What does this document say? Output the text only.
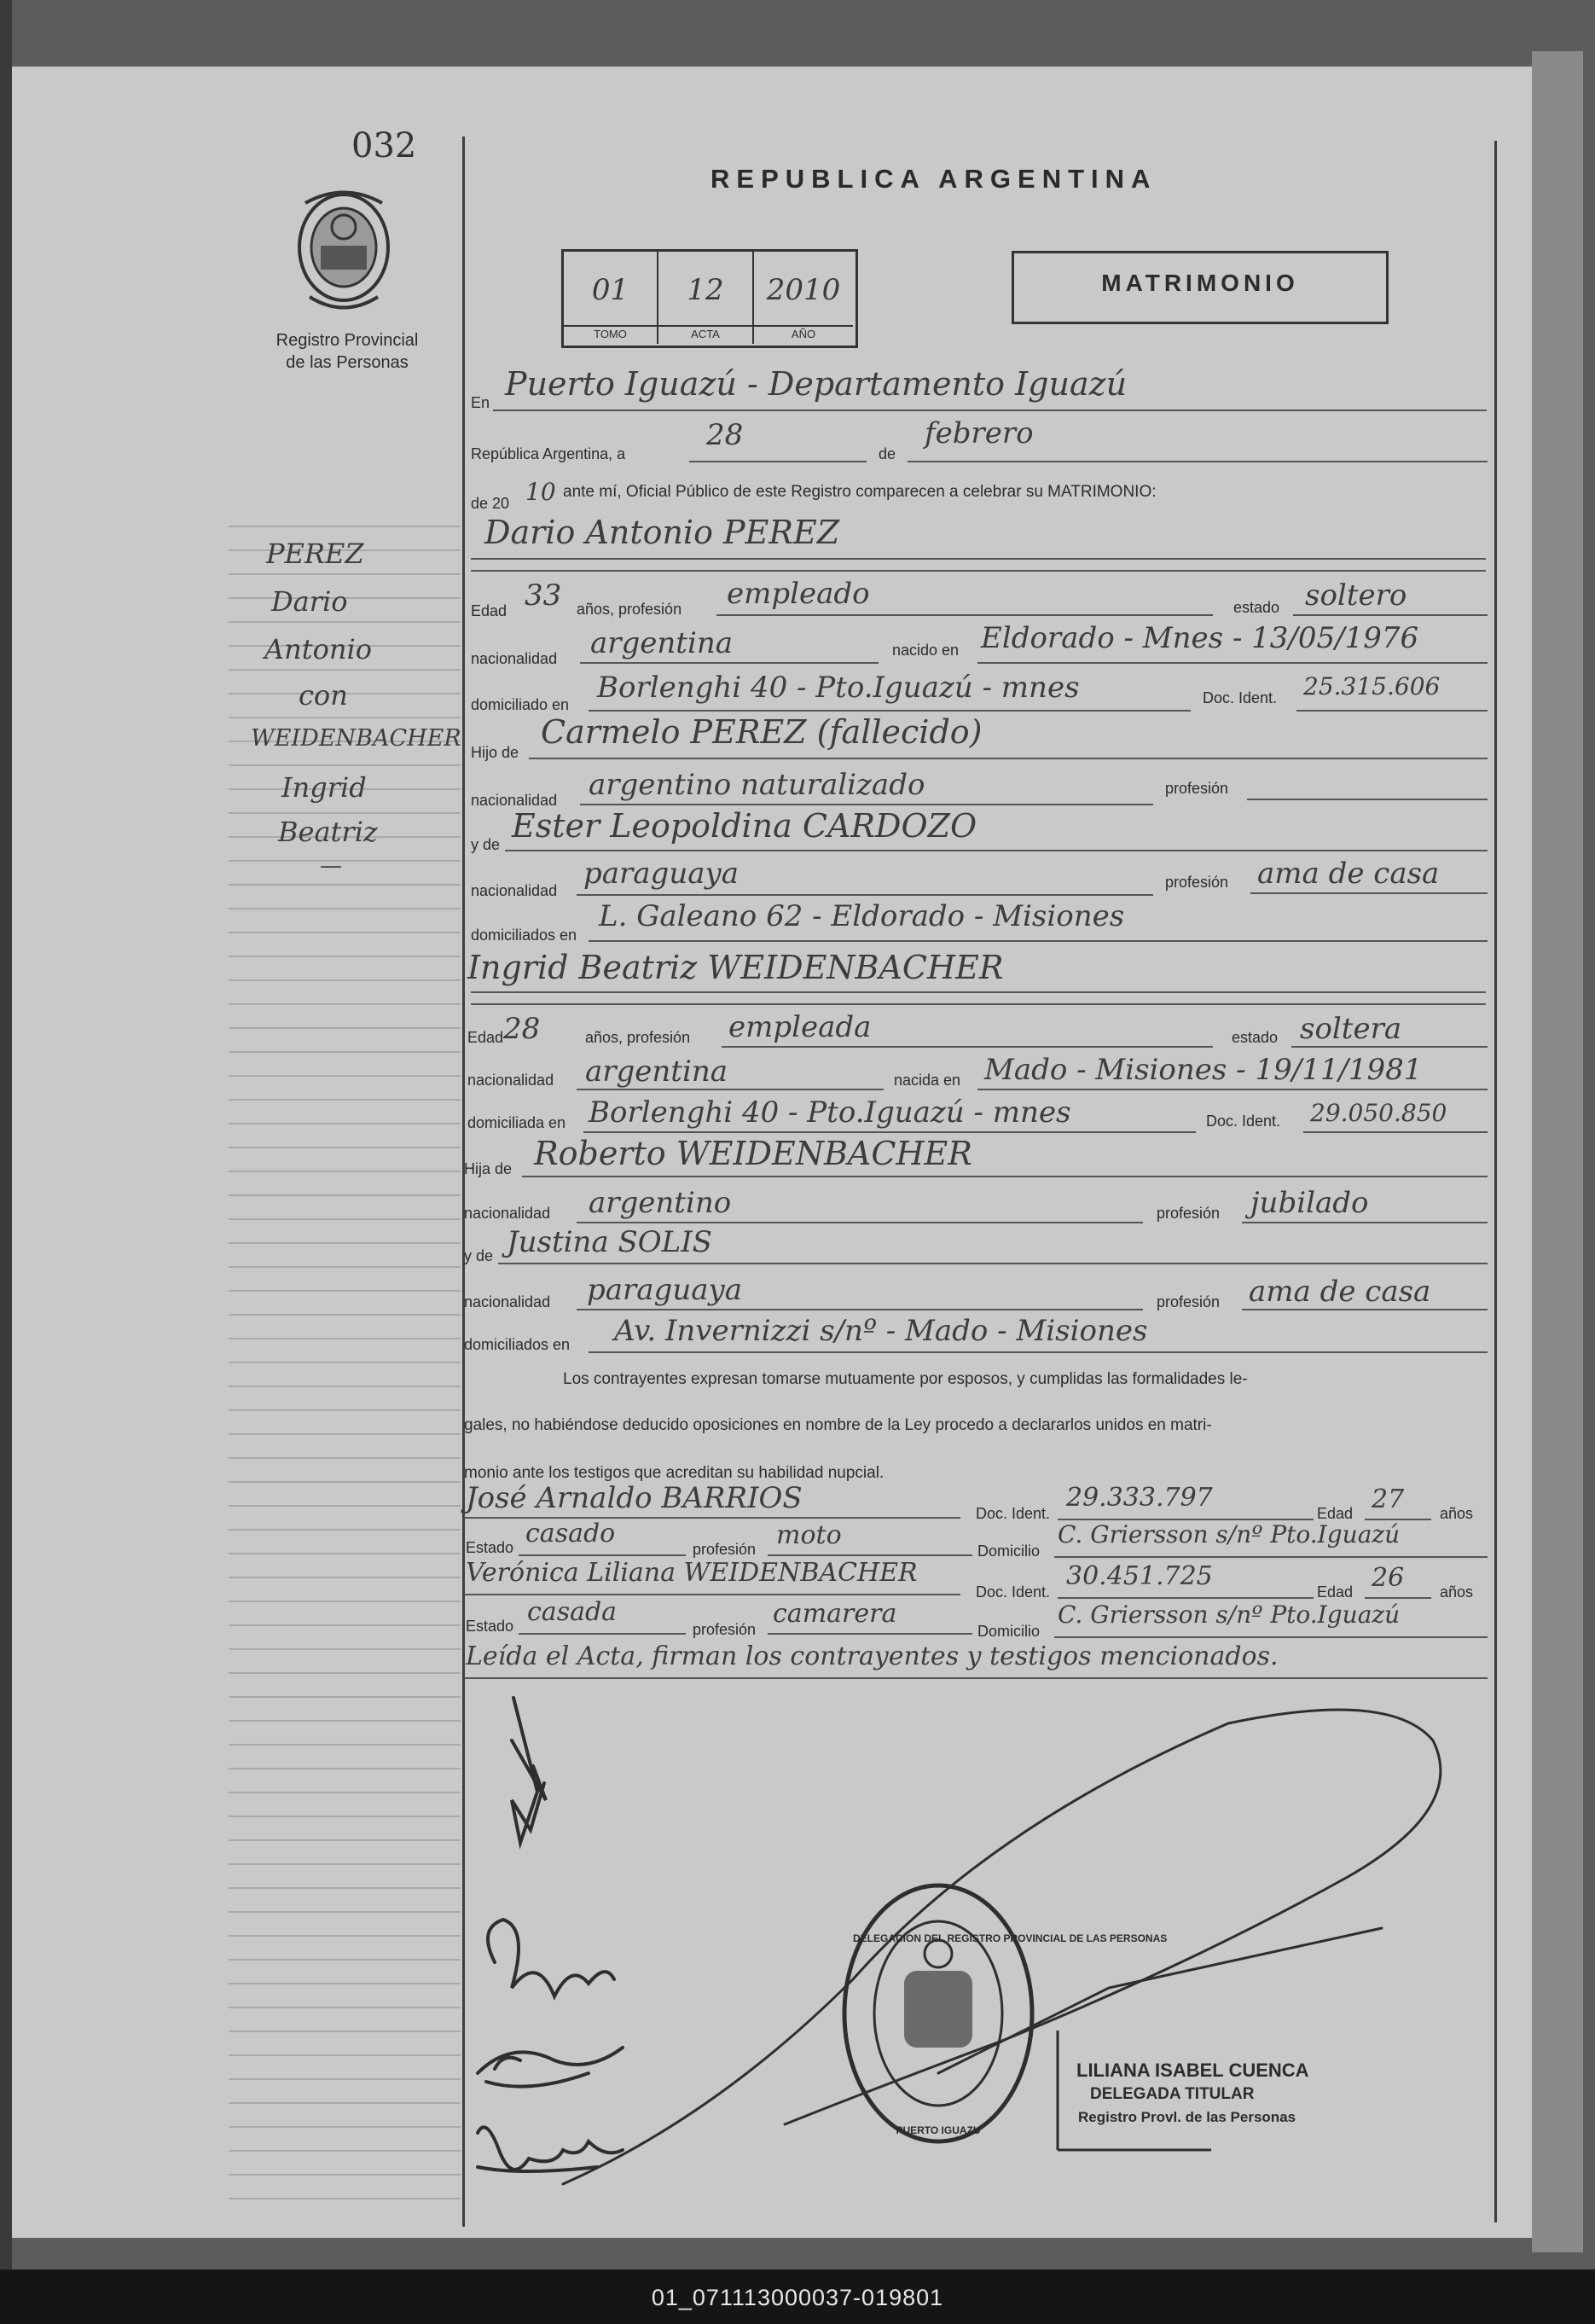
032
Registro Provincial
de las Personas
REPUBLICA ARGENTINA
01	12	2010
TOMO	ACTA	AÑO
MATRIMONIO
PEREZ
Dario
Antonio
con
WEIDENBACHER
Ingrid
Beatriz
—
En Puerto Iguazú - Departamento Iguazú
República Argentina, a
28
de
febrero
de 20 10 ante mí, Oficial Público de este Registro comparecen a celebrar su MATRIMONIO:
Dario Antonio PEREZ
Edad 33 años, profesión empleado	estado soltero
nacionalidad argentina	nacido en Eldorado - Mnes - 13/05/1976
domiciliado en Borlenghi 40 - Pto.Iguazú - mnes	Doc. Ident. 25.315.606
Hijo de
Carmelo PEREZ (fallecido)
nacionalidad argentino naturalizado	profesión
y de Ester Leopoldina CARDOZO
nacionalidad paraguaya	profesión ama de casa
domiciliados en
L. Galeano 62 - Eldorado - Misiones
Ingrid Beatriz WEIDENBACHER
Edad 28	años, profesión empleada	estado soltera
nacionalidad argentina	nacida en Mado - Misiones - 19/11/1981
domiciliada en Borlenghi 40 - Pto.Iguazú - mnes	Doc. Ident. 29.050.850
Hija de Roberto WEIDENBACHER
nacionalidad argentino	profesión jubilado
y de Justina SOLIS
nacionalidad paraguaya	profesión ama de casa
domiciliados en Av. Invernizzi s/nº - Mado - Misiones
Los contrayentes expresan tomarse mutuamente por esposos, y cumplidas las formalidades le-
gales, no habiéndose deducido oposiciones en nombre de la Ley procedo a declararlos unidos en matri-
monio ante los testigos que acreditan su habilidad nupcial.
José Arnaldo BARRIOS	Doc. Ident.
29.333.797
Edad 27 años
Estado casado
profesión moto
Domicilio
C. Griersson s/nº Pto.Iguazú
Verónica Liliana WEIDENBACHER
Doc. Ident.
30.451.725
Edad 26 años
Estado casada
profesión
camarera
Domicilio
C. Griersson s/nº Pto.Iguazú
Leída el Acta, firman los contrayentes y testigos mencionados.
DELEGACION DEL REGISTRO PROVINCIAL DE LAS PERSONAS
PUERTO IGUAZU
LILIANA ISABEL CUENCA
DELEGADA TITULAR
Registro Provl. de las Personas
01_071113000037-019801
